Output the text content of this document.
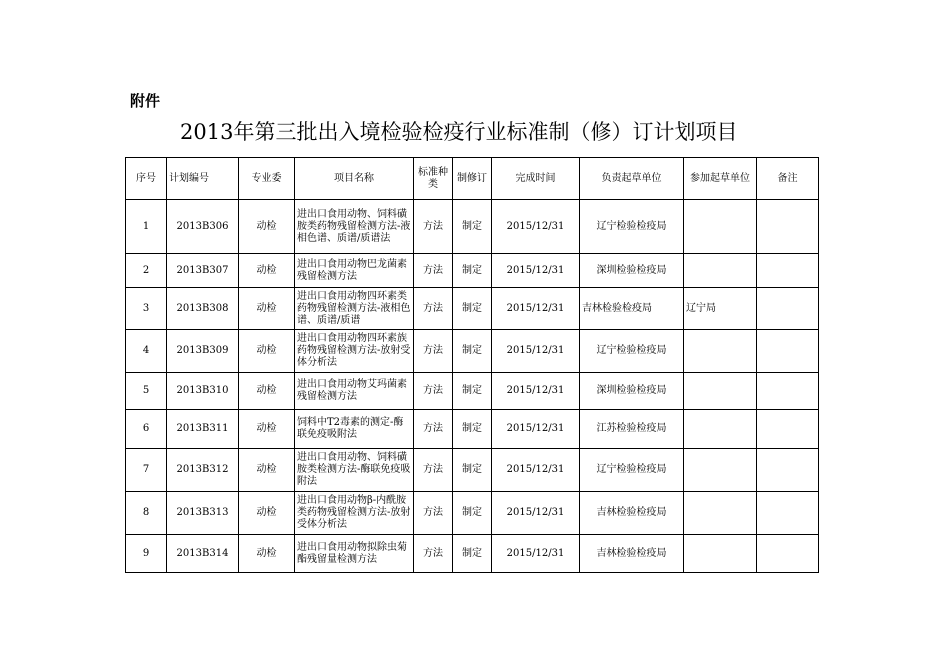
附件
2013年第三批出入境检验检疫行业标准制（修）订计划项目
序号	计划编号	专业委	项目名称	标准种类	制修订	完成时间	负责起草单位	参加起草单位	备注
1	2013B306	动检	进出口食用动物、饲料磺胺类药物残留检测方法-液相色谱、质谱/质谱法	方法	制定	2015/12/31	辽宁检验检疫局		
2	2013B307	动检	进出口食用动物巴龙菌素残留检测方法	方法	制定	2015/12/31	深圳检验检疫局		
3	2013B308	动检	进出口食用动物四环素类药物残留检测方法-液相色谱、质谱/质谱	方法	制定	2015/12/31	吉林检验检疫局	辽宁局	
4	2013B309	动检	进出口食用动物四环素族药物残留检测方法-放射受体分析法	方法	制定	2015/12/31	辽宁检验检疫局		
5	2013B310	动检	进出口食用动物艾玛菌素残留检测方法	方法	制定	2015/12/31	深圳检验检疫局		
6	2013B311	动检	饲料中T2毒素的测定-酶联免疫吸附法	方法	制定	2015/12/31	江苏检验检疫局		
7	2013B312	动检	进出口食用动物、饲料磺胺类检测方法-酶联免疫吸附法	方法	制定	2015/12/31	辽宁检验检疫局		
8	2013B313	动检	进出口食用动物β-内酰胺类药物残留检测方法-放射受体分析法	方法	制定	2015/12/31	吉林检验检疫局		
9	2013B314	动检	进出口食用动物拟除虫菊酯残留量检测方法	方法	制定	2015/12/31	吉林检验检疫局		
